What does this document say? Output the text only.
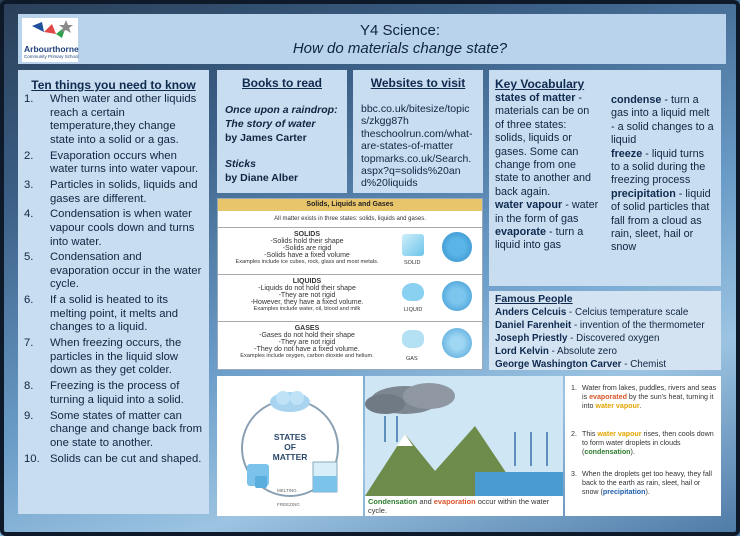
Arbourthorne
Community Primary School
Y4 Science:
How do materials change state?
Ten things you need to know
1.	When water and other liquids reach a certain temperature,they change state into a solid or a gas.
2.	Evaporation occurs when water turns into water vapour.
3.	Particles in solids, liquids and gases are different.
4.	Condensation is when water vapour cools down and turns into water.
5.	Condensation and evaporation occur in the water cycle.
6.	If a solid is heated to its melting point, it melts and changes to a liquid.
7.	When freezing occurs, the particles in the liquid slow down as they get colder.
8.	Freezing is the process of turning a liquid into a solid.
9.	Some states of matter can change and change back from one state to another.
10. Solids can be cut and shaped.
Books to read
Once upon a raindrop: The story of water
by James Carter
Sticks
by Diane Alber
Websites to visit
bbc.co.uk/bitesize/topics/zkgg87h
theschoolrun.com/what-are-states-of-matter
topmarks.co.uk/Search.aspx?q=solids%20and%20liquids
Key Vocabulary
states of matter - materials can be on of three states: solids, liquids or gases. Some can change from one state to another and back again.
water vapour - water in the form of gas
evaporate - turn a liquid into gas
condense - turn a gas into a liquid melt - a solid changes to a liquid
freeze - liquid turns to a solid during the freezing process
precipitation - liquid of solid particles that fall from a cloud as rain, sleet, hail or snow
Famous People
Anders Celcuis - Celcius temperature scale
Daniel Farenheit - invention of the thermometer
Joseph Priestly - Discovered oxygen
Lord Kelvin - Absolute zero
George Washington Carver - Chemist
Solids, Liquids and Gases
All matter exists in three states: solids, liquids and gases.
SOLIDS
-Solids hold their shape
-Solids are rigid
-Solids have a fixed volume
Examples include ice cubes, rock, glass and most metals.	SOLID
LIQUIDS
-Liquids do not hold their shape
-They are not rigid
-However, they have a fixed volume.
Examples include water, oil, blood and milk	LIQUID
GASES
-Gases do not hold their shape
-They are not rigid
-They do not have a fixed volume.
Examples include oxygen, carbon dioxide and helium.	GAS
STATES
OF
MATTER
MELTING
FREEZING	Condensation and evaporation occur within the water cycle.
1. Water from lakes, puddles, rivers and seas is evaporated by the sun's heat, turning it into water vapour.
2. This water vapour rises, then cools down to form water droplets in clouds (condensation).
3. When the droplets get too heavy, they fall back to the earth as rain, sleet, hail or snow (precipitation).
